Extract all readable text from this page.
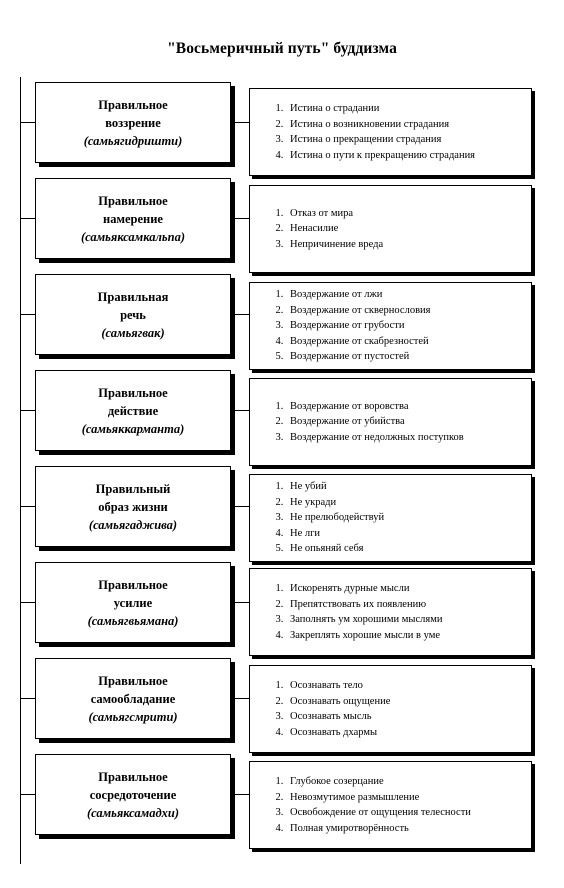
"Восьмеричный путь" буддизма
Правильное
воззрение
(самьягидришти)
1. Истина о страдании
2. Истина о возникновении страдания
3. Истина о прекращении страдания
4. Истина о пути к прекращению страдания
Правильное
намерение
(самьяксамкальпа)
1. Отказ от мира
2. Ненасилие
3. Непричинение вреда
Правильная
речь
(самьягвак)
1. Воздержание от лжи
2. Воздержание от сквернословия
3. Воздержание от грубости
4. Воздержание от скабрезностей
5. Воздержание от пустостей
Правильное
действие
(самьяккарманта)
1. Воздержание от воровства
2. Воздержание от убийства
3. Воздержание от недолжных поступков
Правильный
образ жизни
(самьягаджива)
1. Не убий
2. Не укради
3. Не прелюбодействуй
4. Не лги
5. Не опьяняй себя
Правильное
усилие
(самьягвьямана)
1. Искоренять дурные мысли
2. Препятствовать их появлению
3. Заполнять ум хорошими мыслями
4. Закреплять хорошие мысли в уме
Правильное
самообладание
(самьягсмрити)
1. Осознавать тело
2. Осознавать ощущение
3. Осознавать мысль
4. Осознавать дхармы
Правильное
сосредоточение
(самьяксамадхи)
1. Глубокое созерцание
2. Невозмутимое размышление
3. Освобождение от ощущения телесности
4. Полная умиротворённость
